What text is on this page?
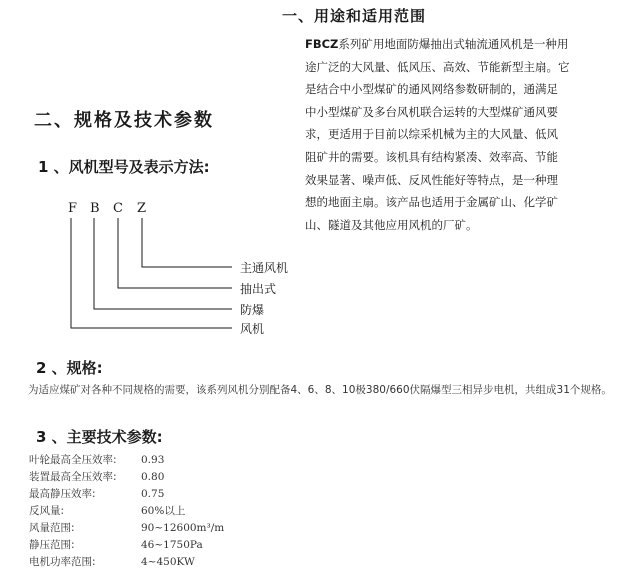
一、用途和适用范围

FBCZ系列矿用地面防爆抽出式轴流通风机是一种用

途广泛的大风量、低风压、高效、节能新型主扇。它

是结合中小型煤矿的通风网络参数研制的，通满足

中小型煤矿及多台风机联合运转的大型煤矿通风要

求，更适用于目前以综采机械为主的大风量、低风

阻矿井的需要。该机具有结构紧凑、效率高、节能

效果显著、噪声低、反风性能好等特点，是一种理

想的地面主扇。该产品也适用于金属矿山、化学矿

山、隧道及其他应用风机的厂矿。

二、规格及技术参数
1 、风机型号及表示方法:
F B C Z
主通风机
抽出式
防爆
风机
2 、规格:
为适应煤矿对各种不同规格的需要，该系列风机分别配备4、6、8、10极380/660伏隔爆型三相异步电机，共组成31个规格。
3 、主要技术参数:
叶轮最高全压效率: 0.93
装置最高全压效率: 0.80
最高静压效率:	0.75
反风量:	60%以上
风量范围:	90~12600m³/m
静压范围:	46~1750Pa
电机功率范围:	4~450KW
